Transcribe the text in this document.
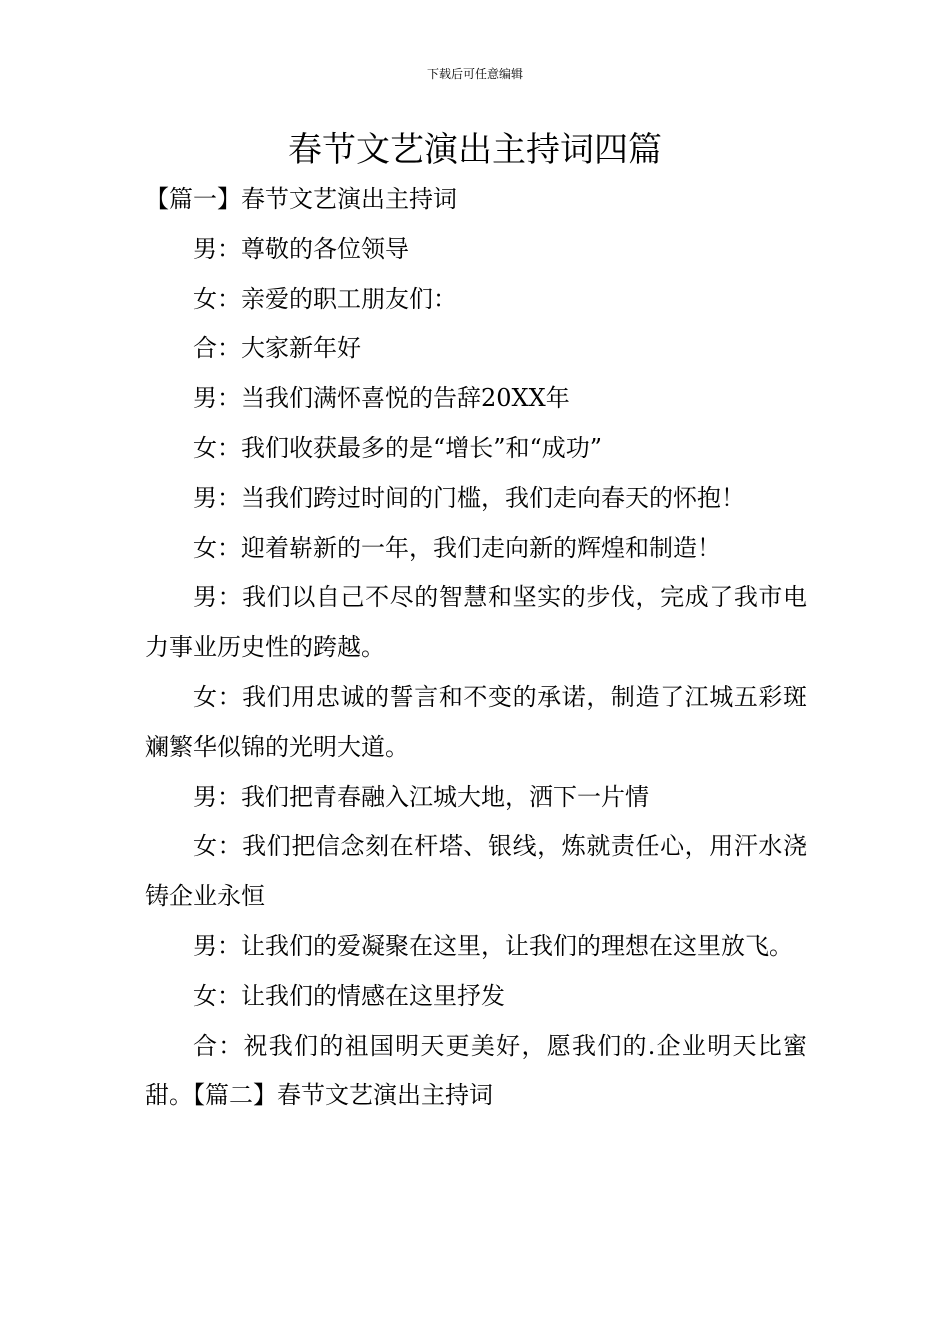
下载后可任意编辑
春节文艺演出主持词四篇

【篇一】春节文艺演出主持词

男：尊敬的各位领导

女：亲爱的职工朋友们：

合：大家新年好

男：当我们满怀喜悦的告辞20XX年

女：我们收获最多的是“增长”和“成功”

男：当我们跨过时间的门槛，我们走向春天的怀抱！

女：迎着崭新的一年，我们走向新的辉煌和制造！

男：我们以自己不尽的智慧和坚实的步伐，完成了我市电力事业历史性的跨越。

女：我们用忠诚的誓言和不变的承诺，制造了江城五彩斑斓繁华似锦的光明大道。

男：我们把青春融入江城大地，洒下一片情

女：我们把信念刻在杆塔、银线，炼就责任心，用汗水浇铸企业永恒

男：让我们的爱凝聚在这里，让我们的理想在这里放飞。

女：让我们的情感在这里抒发

合：祝我们的祖国明天更美好，愿我们的.企业明天比蜜甜。【篇二】春节文艺演出主持词
